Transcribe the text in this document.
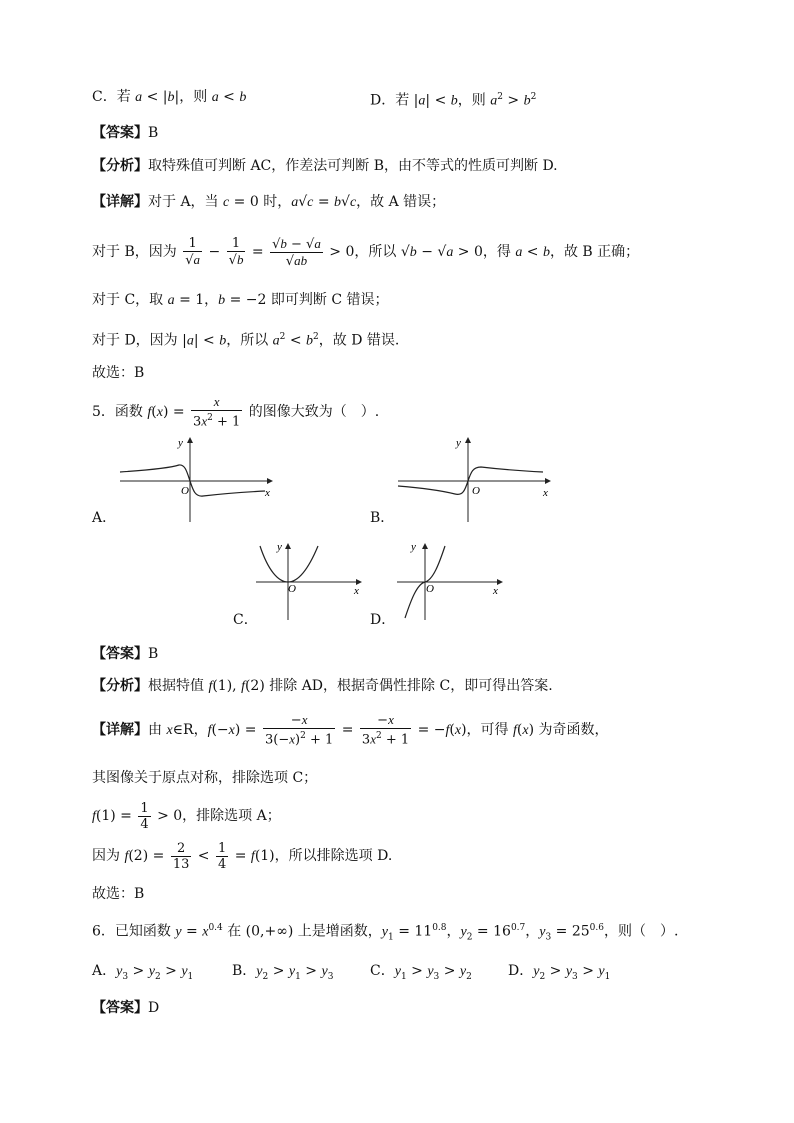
C．若 a < |b|，则 a < b	D．若 |a| < b，则 $a^2 > b^2$
【答案】B
【分析】取特殊值可判断 AC，作差法可判断 B，由不等式的性质可判断 D.
【详解】对于 A，当 c = 0 时，a√c = b√c，故 A 错误；
对于 B，因为 $\frac{1}{√a} - \frac{1}{√b} = \frac{√b - √a}{√ab} > 0$，所以 √b − √a > 0，得 a < b，故 B 正确；
对于 C，取 a = 1，b = −2 即可判断 C 错误；
对于 D，因为 |a| < b，所以 $a^2 < b^2$，故 D 错误.
故选：B
5．函数 $f(x) = \frac{x}{3x^2 + 1}$ 的图像大致为（　）.
O	x
y
A．
O	x
y
B．
O	x
y
C．
O	x
y
D．
【答案】B
【分析】根据特值 f(1), f(2) 排除 AD，根据奇偶性排除 C，即可得出答案.
【详解】由 x∈R，$f(-x) = \frac{-x}{3(-x)^2 + 1} = \frac{-x}{3x^2 + 1} = -f(x)$，可得 f(x) 为奇函数，
其图像关于原点对称，排除选项 C；
$f(1) = \frac{1}{4} > 0$，排除选项 A；
因为 $f(2) = \frac{2}{13} < \frac{1}{4} = f(1)$，所以排除选项 D.
故选：B
6．已知函数 $y = x^{0.4}$ 在 (0,+∞) 上是增函数，$y_1 = 11^{0.8}$，$y_2 = 16^{0.7}$，$y_3 = 25^{0.6}$，则（　）.
A．$y_3 > y_2 > y_1$	B．$y_2 > y_1 > y_3$	C．$y_1 > y_3 > y_2$	D．$y_2 > y_3 > y_1$
【答案】D
